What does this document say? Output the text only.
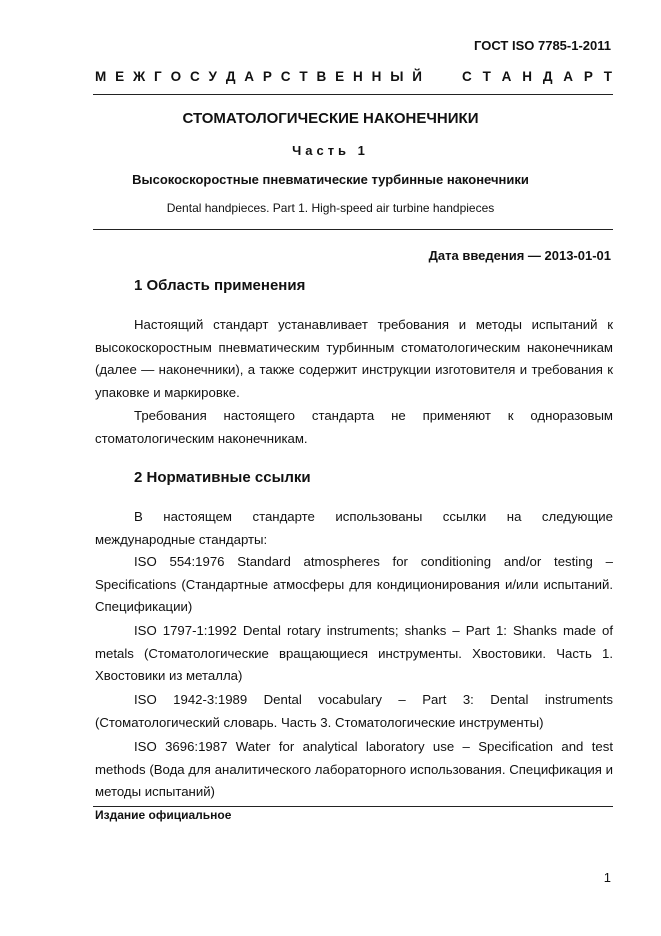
ГОСТ ISO 7785-1-2011
М Е Ж Г О С У Д А Р С Т В Е Н Н Ы Й	С Т А Н Д А Р Т
СТОМАТОЛОГИЧЕСКИЕ НАКОНЕЧНИКИ
Часть 1
Высокоскоростные пневматические турбинные наконечники
Dental handpieces. Part 1. High-speed air turbine handpieces
Дата введения — 2013-01-01
1 Область применения
Настоящий стандарт устанавливает требования и методы испытаний к высокоскоростным пневматическим турбинным стоматологическим наконечникам (далее — наконечники), а также содержит инструкции изготовителя и требования к упаковке и маркировке.
Требования настоящего стандарта не применяют к одноразовым стоматологическим наконечникам.
2 Нормативные ссылки
В настоящем стандарте использованы ссылки на следующие международные стандарты:
ISO 554:1976 Standard atmospheres for conditioning and/or testing – Specifications (Стандартные атмосферы для кондиционирования и/или испытаний. Спецификации)
ISO 1797-1:1992 Dental rotary instruments; shanks – Part 1: Shanks made of metals (Стоматологические вращающиеся инструменты. Хвостовики. Часть 1. Хвостовики из металла)
ISO 1942-3:1989 Dental vocabulary – Part 3: Dental instruments (Стоматологический словарь. Часть 3. Стоматологические инструменты)
ISO 3696:1987 Water for analytical laboratory use – Specification and test methods (Вода для аналитического лабораторного использования. Спецификация и методы испытаний)
Издание официальное
1
